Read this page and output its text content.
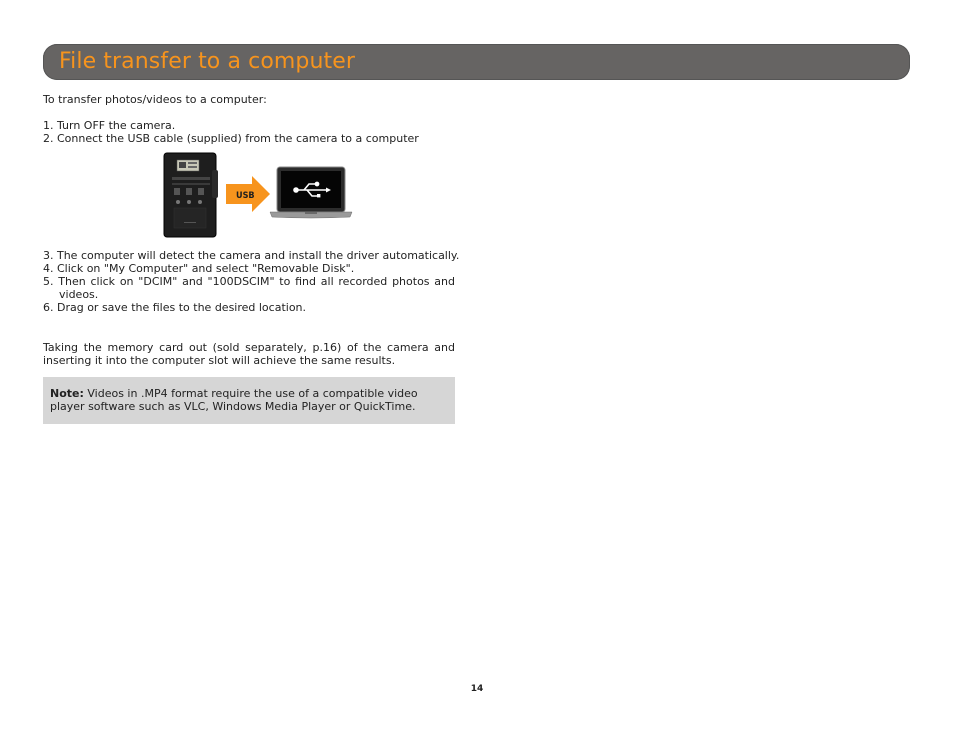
File transfer to a computer

To transfer photos/videos to a computer:

1. Turn OFF the camera.

2. Connect the USB cable (supplied) from the camera to a computer

USB

3. The computer will detect the camera and install the driver automatically.

4. Click on "My Computer" and select "Removable Disk".

5. Then click on "DCIM" and "100DSCIM" to find all recorded photos and videos.

6. Drag or save the files to the desired location.

Taking the memory card out (sold separately, p.16) of the camera and inserting it into the computer slot will achieve the same results.

Note: Videos in .MP4 format require the use of a compatible video player software such as VLC, Windows Media Player or QuickTime.
14
